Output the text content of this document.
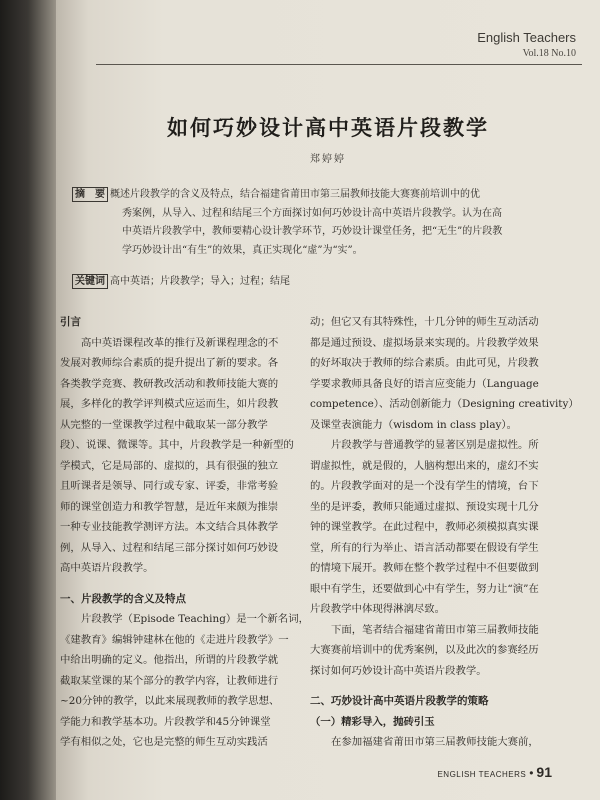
English Teachers
Vol.18 No.10
如何巧妙设计高中英语片段教学
郑婷婷
摘　要 概述片段教学的含义及特点，结合福建省莆田市第三届教师技能大赛赛前培训中的优
秀案例，从导入、过程和结尾三个方面探讨如何巧妙设计高中英语片段教学。认为在高
中英语片段教学中，教师要精心设计教学环节，巧妙设计课堂任务，把“无生”的片段教
学巧妙设计出“有生”的效果，真正实现化“虚”为“实”。
关键词 高中英语；片段教学；导入；过程；结尾

引言

高中英语课程改革的推行及新课程理念的不

发展对教师综合素质的提升提出了新的要求。各

各类教学竞赛、教研教改活动和教师技能大赛的

展，多样化的教学评判模式应运而生，如片段教

从完整的一堂课教学过程中截取某一部分教学

段）、说课、微课等。其中，片段教学是一种新型的

学模式，它是局部的、虚拟的，具有很强的独立

且听课者是领导、同行或专家、评委，非常考验

师的课堂创造力和教学智慧，是近年来颇为推崇

一种专业技能教学测评方法。本文结合具体教学

例，从导入、过程和结尾三部分探讨如何巧妙设

高中英语片段教学。

一、片段教学的含义及特点

片段教学（Episode Teaching）是一个新名词，

《建教育》编辑钟建林在他的《走进片段教学》一

中给出明确的定义。他指出，所谓的片段教学就

截取某堂课的某个部分的教学内容，让教师进行

~20分钟的教学，以此来展现教师的教学思想、

学能力和教学基本功。片段教学和45分钟课堂

学有相似之处，它也是完整的师生互动实践活

动；但它又有其特殊性，十几分钟的师生互动活动

都是通过预设、虚拟场景来实现的。片段教学效果

的好坏取决于教师的综合素质。由此可见，片段教

学要求教师具备良好的语言应变能力（Language

competence）、活动创新能力（Designing creativity）

及课堂表演能力（wisdom in class play）。

片段教学与普通教学的显著区别是虚拟性。所

谓虚拟性，就是假的，人脑构想出来的，虚幻不实

的。片段教学面对的是一个没有学生的情境，台下

坐的是评委，教师只能通过虚拟、预设实现十几分

钟的课堂教学。在此过程中，教师必须模拟真实课

堂，所有的行为举止、语言活动都要在假设有学生

的情境下展开。教师在整个教学过程中不但要做到

眼中有学生，还要做到心中有学生，努力让“演”在

片段教学中体现得淋漓尽致。

下面，笔者结合福建省莆田市第三届教师技能

大赛赛前培训中的优秀案例，以及此次的参赛经历

探讨如何巧妙设计高中英语片段教学。

二、巧妙设计高中英语片段教学的策略

（一）精彩导入，抛砖引玉

在参加福建省莆田市第三届教师技能大赛前，

ENGLISH TEACHERS • 91
